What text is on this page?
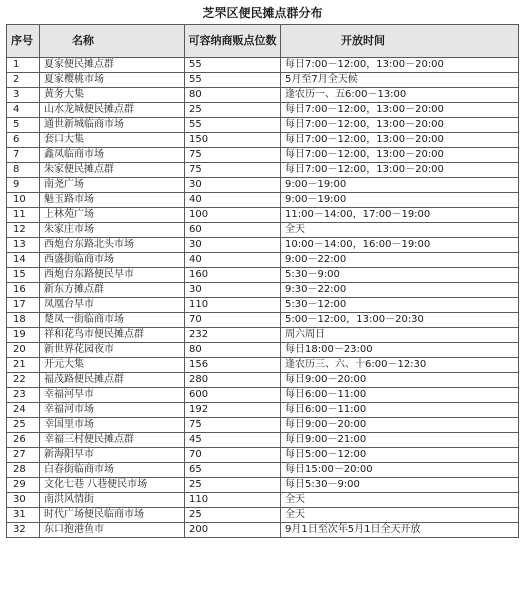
芝罘区便民摊点群分布
序号	名称	可容纳商贩点位数	开放时间
1	夏家便民摊点群	55	每日7:00－12:00，13:00－20:00
2	夏家樱桃市场	55	5月至7月全天候
3	黄务大集	80	逢农历一、五6:00－13:00
4	山水龙城便民摊点群	25	每日7:00－12:00，13:00－20:00
5	通世新城临商市场	55	每日7:00－12:00，13:00－20:00
6	套口大集	150	每日7:00－12:00，13:00－20:00
7	鑫凤临商市场	75	每日7:00－12:00，13:00－20:00
8	朱家便民摊点群	75	每日7:00－12:00，13:00－20:00
9	南尧广场	30	9:00－19:00
10	魁玉路市场	40	9:00－19:00
11	上林苑广场	100	11:00－14:00，17:00－19:00
12	朱家庄市场	60	全天
13	西炮台东路北头市场	30	10:00－14:00，16:00－19:00
14	西盛街临商市场	40	9:00－22:00
15	西炮台东路便民早市	160	5:30－9:00
16	新东方摊点群	30	9:30－22:00
17	凤凰台早市	110	5:30－12:00
18	楚凤一街临商市场	70	5:00－12:00，13:00－20:30
19	祥和花鸟市便民摊点群	232	周六周日
20	新世界花园夜市	80	每日18:00－23:00
21	开元大集	156	逢农历三、六、十6:00－12:30
22	福茂路便民摊点群	280	每日9:00－20:00
23	幸福河早市	600	每日6:00－11:00
24	幸福河市场	192	每日6:00－11:00
25	幸国里市场	75	每日9:00－20:00
26	幸福三村便民摊点群	45	每日9:00－21:00
27	新海阳早市	70	每日5:00－12:00
28	白春街临商市场	65	每日15:00－20:00
29	文化七巷 八巷便民市场	25	每日5:30－9:00
30	南洪风情街	110	全天
31	时代广场便民临商市场	25	全天
32	东口抱港鱼市	200	9月1日至次年5月1日全天开放
